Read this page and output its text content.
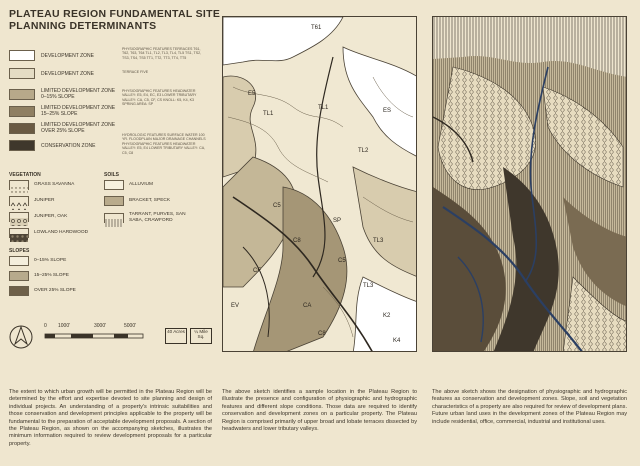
PLATEAU REGION FUNDAMENTAL SITE
PLANNING DETERMINANTS
DEVELOPMENT ZONE
DEVELOPMENT ZONE
LIMITED DEVELOPMENT ZONE 0–15% SLOPE
LIMITED DEVELOPMENT ZONE 15–25% SLOPE
LIMITED DEVELOPMENT ZONE OVER 25% SLOPE
CONSERVATION ZONE
PHYSIOGRAPHIC FEATURES TERRACES T61, T62, T63, T64 TL1, TL2, TL3, TL4, TL5 TS1, TS2, TS3, TS4, TS5 TT1, TT2, TT3, TT4, TT5
TERRACE FIVE
PHYSIOGRAPHIC FEATURES HEADWATER VALLEY: E5, E4, EC, E3 LOWER TRIBUTARY VALLEY: CA, C5, CF, CS KNOLL: K5, K4, K3 SPRING AREA: SP
HYDROLOGIC FEATURES SURFACE WATER 100 YR. FLOODPLAIN MAJOR DRAINAGE CHANNELS PHYSIOGRAPHIC FEATURES HEADWATER VALLEY: E5, E4 LOWER TRIBUTARY VALLEY: CA, C5, C8
VEGETATION
GRASS SAVANNA
JUNIPER
JUNIPER, OAK
LOWLAND HARDWOOD
SOILS
ALLUVIUM
BRACKET, SPECK
TARRANT, PURVES, SAN SABA, CRAWFORD
SLOPES
0–15% SLOPE
15–25% SLOPE
OVER 25% SLOPE
0 1000'	3000'	5000'
40 Acres	¼ Mile Sq.
T61
ES
E5
TL1
TL1
TL2
C5
C8
CF
EV
SP
C5
TL3
CA
K2
C8
TL3
K4
The extent to which urban growth will be permitted in the Plateau Region will be determined by the effort and expertise devoted to site planning and design of individual projects. An understanding of a property's intrinsic suitabilities and those conservation and development principles applicable to the property will be fundamental to the preparation of acceptable development proposals. A section of the Plateau Region, as shown on the accompanying sketches, illustrates the minimum information required to review development proposals for a particular property.
The above sketch identifies a sample location in the Plateau Region to illustrate the presence and configuration of physiographic and hydrographic features and different slope conditions. Those data are required to identify conservation and development zones on a particular property. The Plateau Region is comprised primarily of upper broad and lobate terraces dissected by headwaters and lower tributary valleys.
The above sketch shows the designation of physiographic and hydrographic features as conservation and development zones. Slope, soil and vegetation characteristics of a property are also required for review of development plans. Future urban land uses in the development zones of the Plateau Region may include residential, office, commercial, industrial and institutional uses.
